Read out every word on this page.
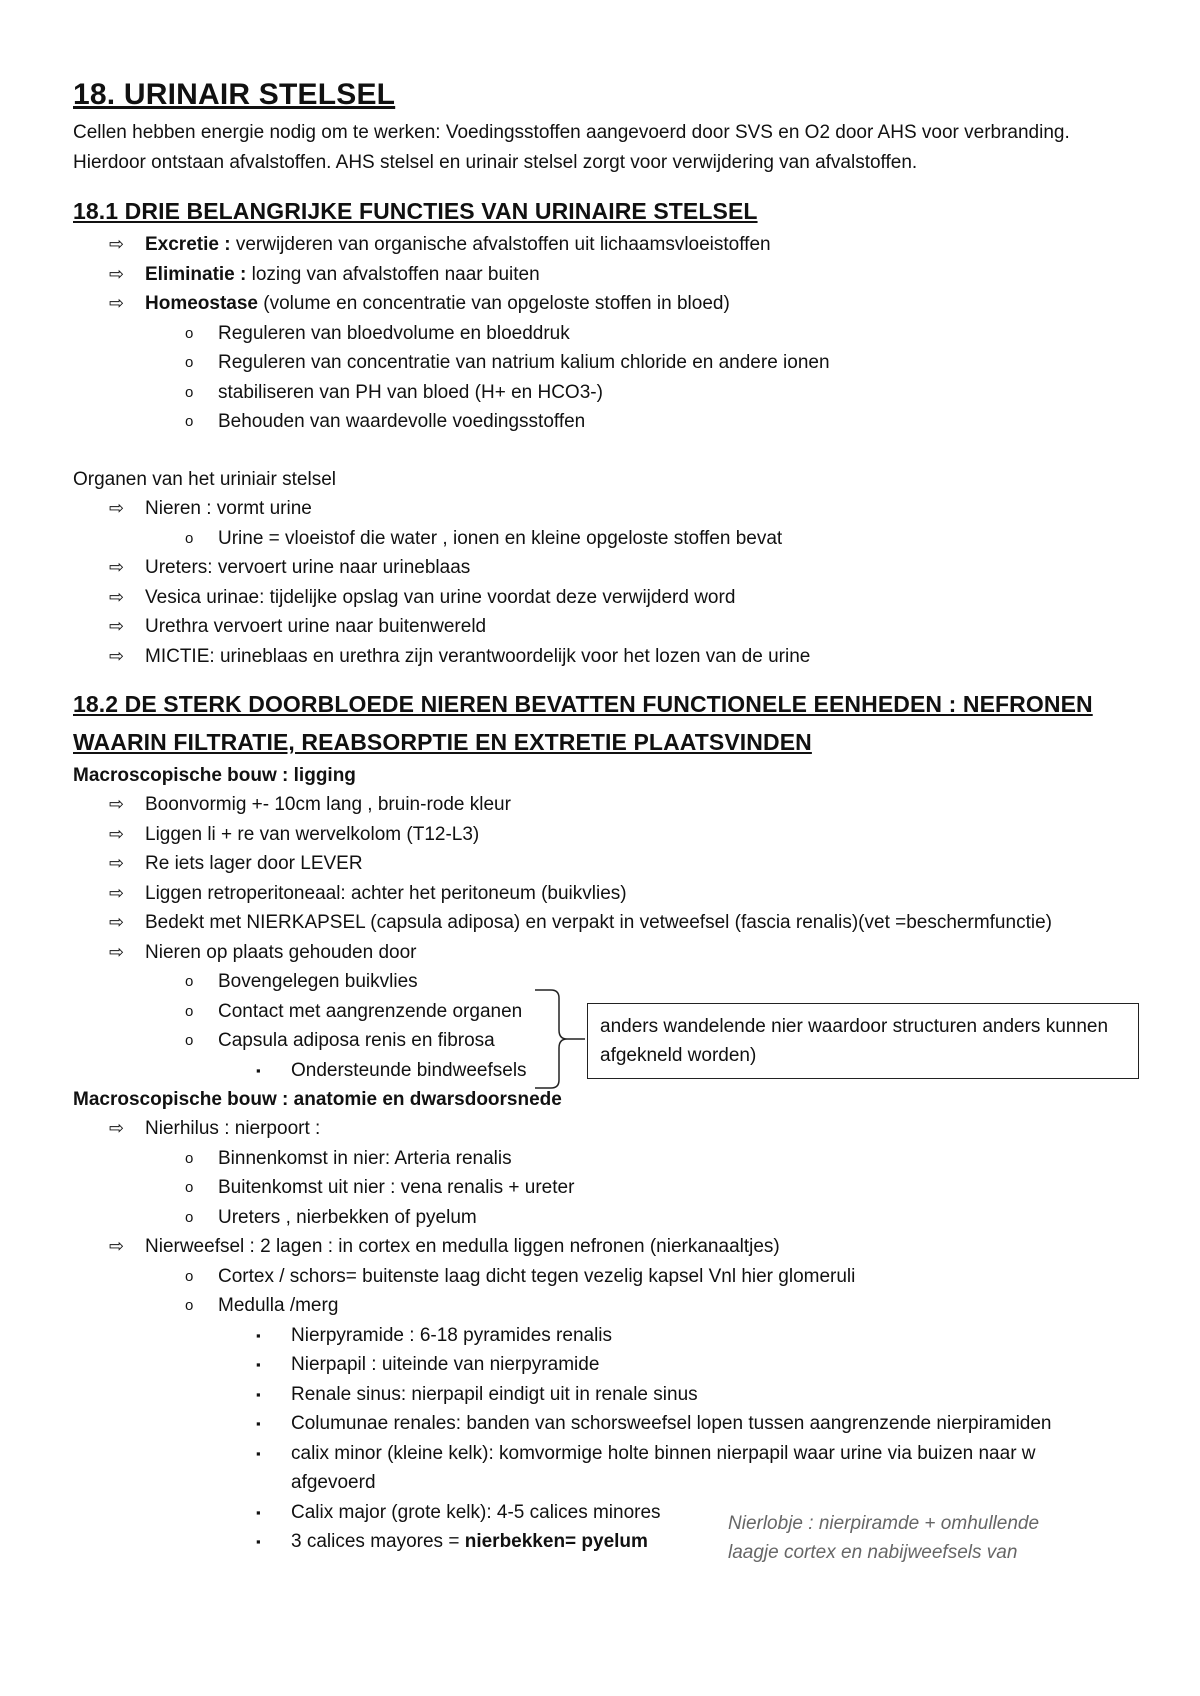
18. URINAIR STELSEL

Cellen hebben energie nodig om te werken: Voedingsstoffen aangevoerd door SVS en O2 door AHS voor verbranding. Hierdoor ontstaan afvalstoffen. AHS stelsel en urinair stelsel zorgt voor verwijdering van afvalstoffen.

18.1 DRIE BELANGRIJKE FUNCTIES VAN URINAIRE STELSEL
⇨ Excretie : verwijderen van organische afvalstoffen uit lichaamsvloeistoffen
⇨ Eliminatie : lozing van afvalstoffen naar buiten
⇨ Homeostase (volume en concentratie van opgeloste stoffen in bloed)
o Reguleren van bloedvolume en bloeddruk
o Reguleren van concentratie van natrium kalium chloride en andere ionen
o stabiliseren van PH van bloed (H+ en HCO3-)
o Behouden van waardevolle voedingsstoffen

Organen van het uriniair stelsel

⇨ Nieren : vormt urine
o Urine = vloeistof die water , ionen en kleine opgeloste stoffen bevat
⇨ Ureters: vervoert urine naar urineblaas
⇨ Vesica urinae: tijdelijke opslag van urine voordat deze verwijderd word
⇨ Urethra vervoert urine naar buitenwereld
⇨ MICTIE: urineblaas en urethra zijn verantwoordelijk voor het lozen van de urine
18.2 DE STERK DOORBLOEDE NIEREN BEVATTEN FUNCTIONELE EENHEDEN : NEFRONEN
WAARIN FILTRATIE, REABSORPTIE EN EXTRETIE PLAATSVINDEN

Macroscopische bouw : ligging

⇨ Boonvormig +- 10cm lang , bruin-rode kleur
⇨ Liggen li + re van wervelkolom (T12-L3)
⇨ Re iets lager door LEVER
⇨ Liggen retroperitoneaal: achter het peritoneum (buikvlies)
⇨ Bedekt met NIERKAPSEL (capsula adiposa) en verpakt in vetweefsel (fascia renalis)(vet =beschermfunctie)
⇨ Nieren op plaats gehouden door
o Bovengelegen buikvlies
o Contact met aangrenzende organen
o Capsula adiposa renis en fibrosa
▪ Ondersteunde bindweefsels

Macroscopische bouw : anatomie en dwarsdoorsnede

⇨ Nierhilus : nierpoort :
o Binnenkomst in nier: Arteria renalis
o Buitenkomst uit nier : vena renalis + ureter
o Ureters , nierbekken of pyelum
⇨ Nierweefsel : 2 lagen : in cortex en medulla liggen nefronen (nierkanaaltjes)
o Cortex / schors= buitenste laag dicht tegen vezelig kapsel Vnl hier glomeruli
o Medulla /merg
▪ Nierpyramide : 6-18 pyramides renalis
▪ Nierpapil : uiteinde van nierpyramide
▪ Renale sinus: nierpapil eindigt uit in renale sinus
▪ Columunae renales: banden van schorsweefsel lopen tussen aangrenzende nierpiramiden
▪ calix minor (kleine kelk): komvormige holte binnen nierpapil waar urine via buizen naar w
afgevoerd
▪ Calix major (grote kelk): 4-5 calices minores
▪ 3 calices mayores = nierbekken= pyelum
anders wandelende nier waardoor structuren anders kunnen afgekneld worden)
Nierlobje : nierpiramde + omhullende
laagje cortex en nabijweefsels van
